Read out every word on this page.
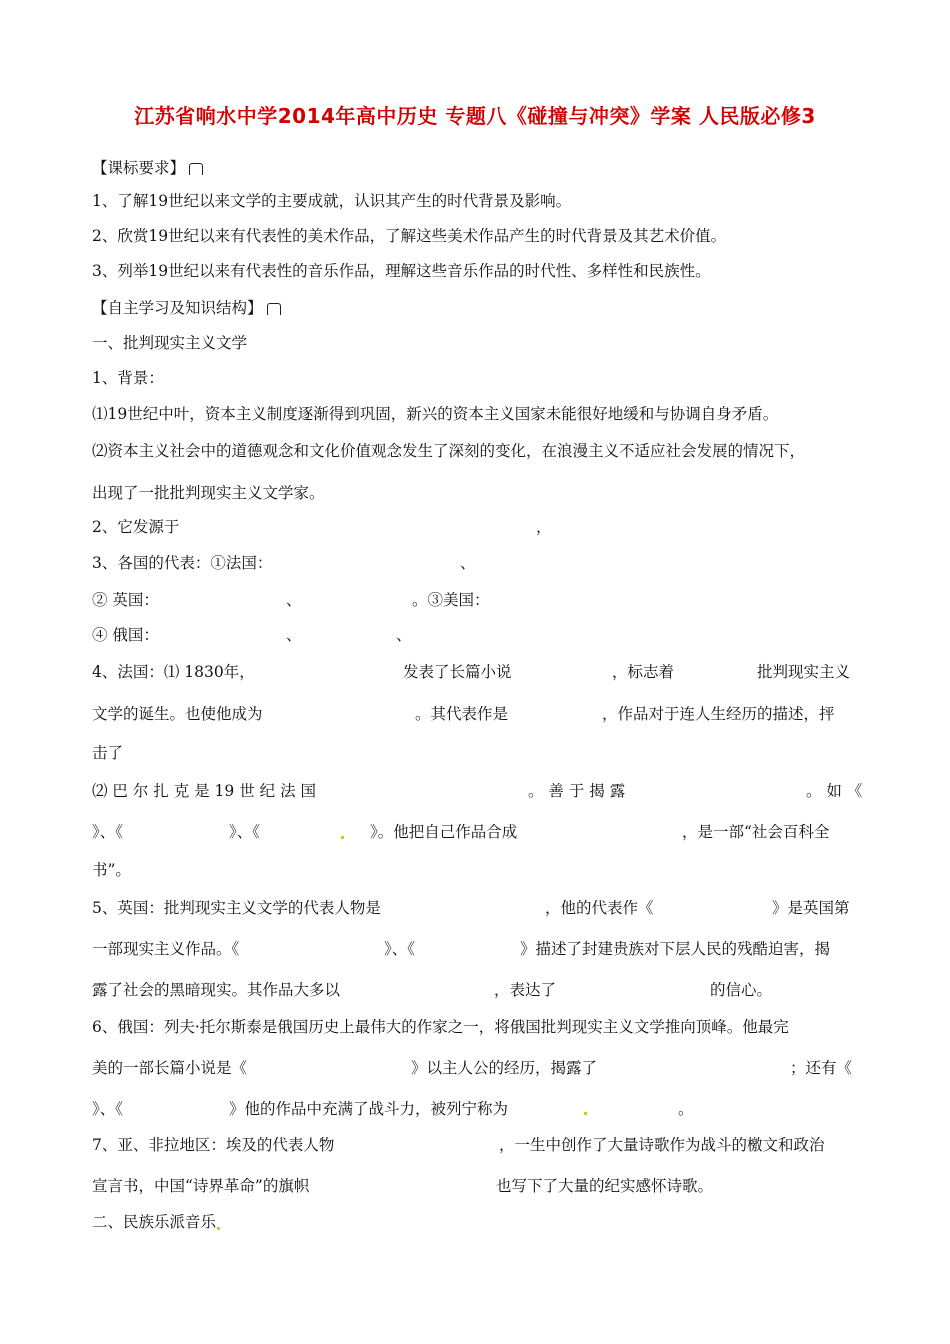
江苏省响水中学2014年高中历史 专题八《碰撞与冲突》学案 人民版必修3
【课标要求】
1、了解19世纪以来文学的主要成就，认识其产生的时代背景及影响。
2、欣赏19世纪以来有代表性的美术作品，了解这些美术作品产生的时代背景及其艺术价值。
3、列举19世纪以来有代表性的音乐作品，理解这些音乐作品的时代性、多样性和民族性。
【自主学习及知识结构】
一、批判现实主义文学
1、背景：
⑴19世纪中叶，资本主义制度逐渐得到巩固，新兴的资本主义国家未能很好地缓和与协调自身矛盾。
⑵资本主义社会中的道德观念和文化价值观念发生了深刻的变化，在浪漫主义不适应社会发展的情况下，
出现了一批批判现实主义文学家。
2、它发源于	，
3、各国的代表：①法国：	、
② 英国：	、	。③美国：
④ 俄国：	、	、
4、法国：⑴ 1830年，	发表了长篇小说	，标志着	批判现实主义
文学的诞生。也使他成为	。其代表作是	，作品对于连人生经历的描述，抨
击了
⑵ 巴 尔 扎 克 是 19 世 纪 法 国	。 善 于 揭 露	。 如 《
》、《	》、《	》。他把自己作品合成	，是一部“社会百科全
书”。
5、英国：批判现实主义文学的代表人物是	，他的代表作《	》是英国第
一部现实主义作品。《	》、《	》描述了封建贵族对下层人民的残酷迫害，揭
露了社会的黑暗现实。其作品大多以	，表达了	的信心。
6、俄国：列夫·托尔斯泰是俄国历史上最伟大的作家之一，将俄国批判现实主义文学推向顶峰。他最完
美的一部长篇小说是《	》以主人公的经历，揭露了	；还有《
》、《	》他的作品中充满了战斗力，被列宁称为	。
7、亚、非拉地区：埃及的代表人物	，一生中创作了大量诗歌作为战斗的檄文和政治
宣言书，中国“诗界革命”的旗帜	也写下了大量的纪实感怀诗歌。
二、民族乐派音乐
